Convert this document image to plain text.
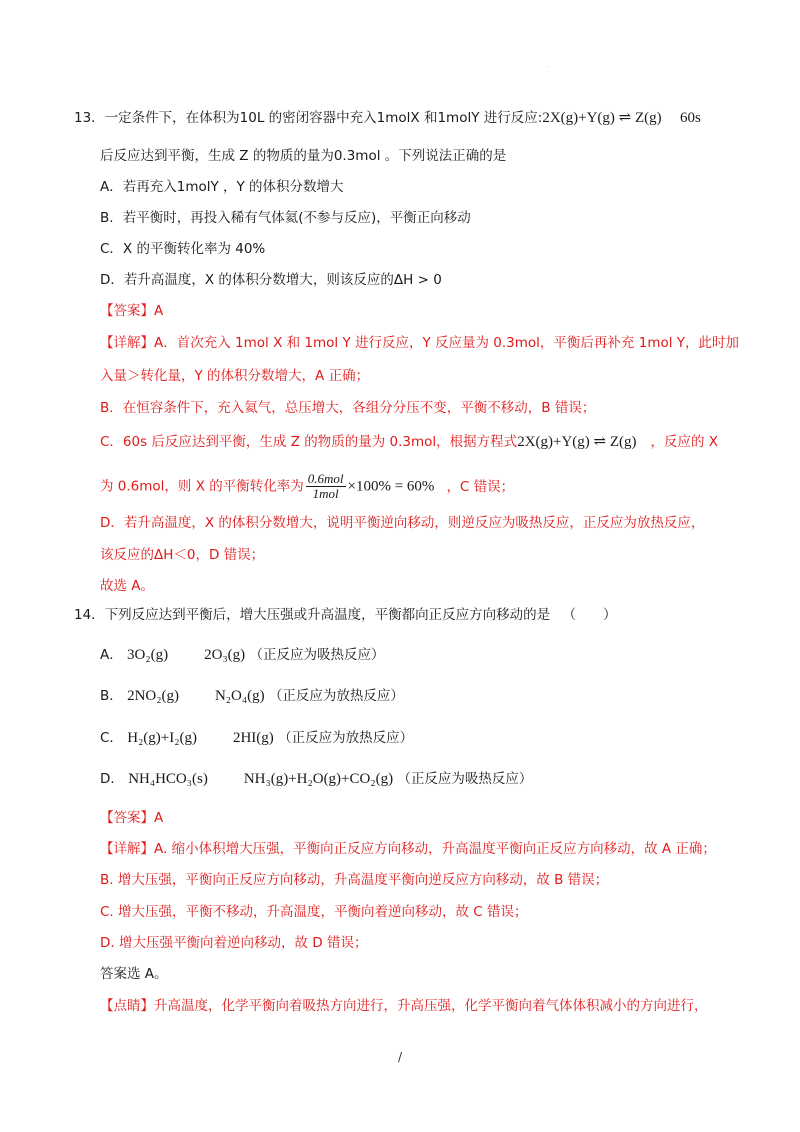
·
13．一定条件下，在体积为10L 的密闭容器中充入1molX 和1molY 进行反应:2X(g)+Y(g) ⇌ Z(g) 60s
后反应达到平衡，生成 Z 的物质的量为0.3mol 。下列说法正确的是
A．若再充入1molY ，Y 的体积分数增大
B．若平衡时，再投入稀有气体氦(不参与反应)，平衡正向移动
C．X 的平衡转化率为 40%
D．若升高温度，X 的体积分数增大，则该反应的ΔH > 0
【答案】A
【详解】A．首次充入 1mol X 和 1mol Y 进行反应，Y 反应量为 0.3mol，平衡后再补充 1mol Y，此时加
入量＞转化量，Y 的体积分数增大，A 正确；
B．在恒容条件下，充入氦气，总压增大，各组分分压不变，平衡不移动，B 错误；
C．60s 后反应达到平衡，生成 Z 的物质的量为 0.3mol，根据方程式2X(g)+Y(g) ⇌ Z(g) ，反应的 X
为 0.6mol，则 X 的平衡转化率为 $\frac{\text{0.6mol}}{\text{1mol}} \times 100\% = 60\%$ ，C 错误；
D．若升高温度，X 的体积分数增大，说明平衡逆向移动，则逆反应为吸热反应，正反应为放热反应，
该反应的ΔH＜0，D 错误；
故选 A。
14．下列反应达到平衡后，增大压强或升高温度，平衡都向正反应方向移动的是 （　　）
A． 3O₂(g) 2O₃(g) （正反应为吸热反应）
B． 2NO₂(g) N₂O₄(g) （正反应为放热反应）
C． H₂(g)+I₂(g) 2HI(g) （正反应为放热反应）
D． NH₄HCO₃(s) NH₃(g)+H₂O(g)+CO₂(g) （正反应为吸热反应）
【答案】A
【详解】A. 缩小体积增大压强，平衡向正反应方向移动，升高温度平衡向正反应方向移动，故 A 正确；
B. 增大压强，平衡向正反应方向移动，升高温度平衡向逆反应方向移动，故 B 错误；
C. 增大压强，平衡不移动，升高温度，平衡向着逆向移动，故 C 错误；
D. 增大压强平衡向着逆向移动，故 D 错误；
答案选 A。
【点睛】升高温度，化学平衡向着吸热方向进行，升高压强，化学平衡向着气体体积减小的方向进行，
/
